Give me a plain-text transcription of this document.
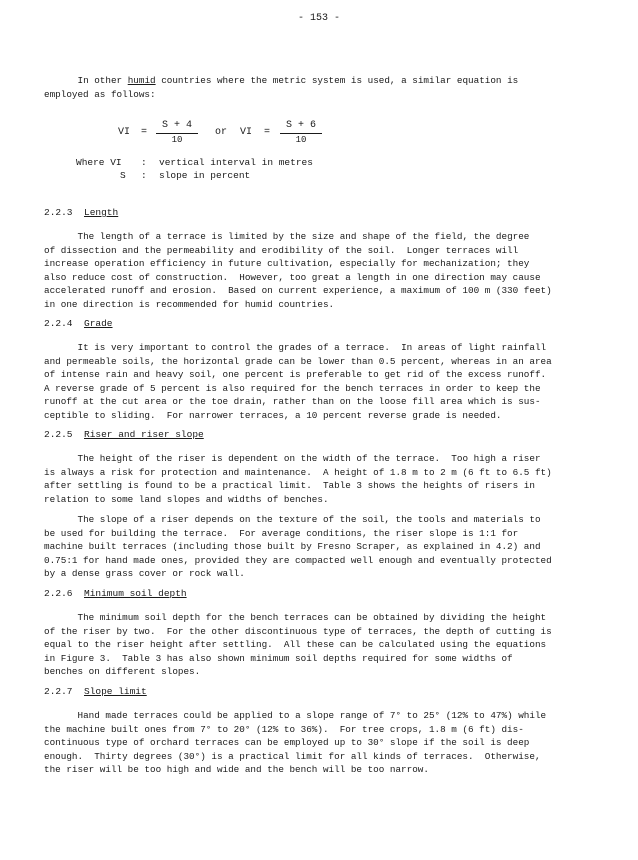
- 153 -

In other humid countries where the metric system is used, a similar equation is
employed as follows:

VI = $\frac{S + 4}{10}$ or VI = $\frac{S + 6}{10}$
Where VI : vertical interval in metres
S : slope in percent
2.2.3 Length

The length of a terrace is limited by the size and shape of the field, the degree
of dissection and the permeability and erodibility of the soil.  Longer terraces will
increase operation efficiency in future cultivation, especially for mechanization; they
also reduce cost of construction.  However, too great a length in one direction may cause
accelerated runoff and erosion.  Based on current experience, a maximum of 100 m (330 feet)
in one direction is recommended for humid countries.

2.2.4 Grade

It is very important to control the grades of a terrace.  In areas of light rainfall
and permeable soils, the horizontal grade can be lower than 0.5 percent, whereas in an area
of intense rain and heavy soil, one percent is preferable to get rid of the excess runoff.
A reverse grade of 5 percent is also required for the bench terraces in order to keep the
runoff at the cut area or the toe drain, rather than on the loose fill area which is sus-
ceptible to sliding.  For narrower terraces, a 10 percent reverse grade is needed.

2.2.5 Riser and riser slope

The height of the riser is dependent on the width of the terrace.  Too high a riser
is always a risk for protection and maintenance.  A height of 1.8 m to 2 m (6 ft to 6.5 ft)
after settling is found to be a practical limit.  Table 3 shows the heights of risers in
relation to some land slopes and widths of benches.

The slope of a riser depends on the texture of the soil, the tools and materials to
be used for building the terrace.  For average conditions, the riser slope is 1:1 for
machine built terraces (including those built by Fresno Scraper, as explained in 4.2) and
0.75:1 for hand made ones, provided they are compacted well enough and eventually protected
by a dense grass cover or rock wall.

2.2.6 Minimum soil depth

The minimum soil depth for the bench terraces can be obtained by dividing the height
of the riser by two.  For the other discontinuous type of terraces, the depth of cutting is
equal to the riser height after settling.  All these can be calculated using the equations
in Figure 3.  Table 3 has also shown minimum soil depths required for some widths of
benches on different slopes.

2.2.7 Slope limit

Hand made terraces could be applied to a slope range of 7° to 25° (12% to 47%) while
the machine built ones from 7° to 20° (12% to 36%).  For tree crops, 1.8 m (6 ft) dis-
continuous type of orchard terraces can be employed up to 30° slope if the soil is deep
enough.  Thirty degrees (30°) is a practical limit for all kinds of terraces.  Otherwise,
the riser will be too high and wide and the bench will be too narrow.
